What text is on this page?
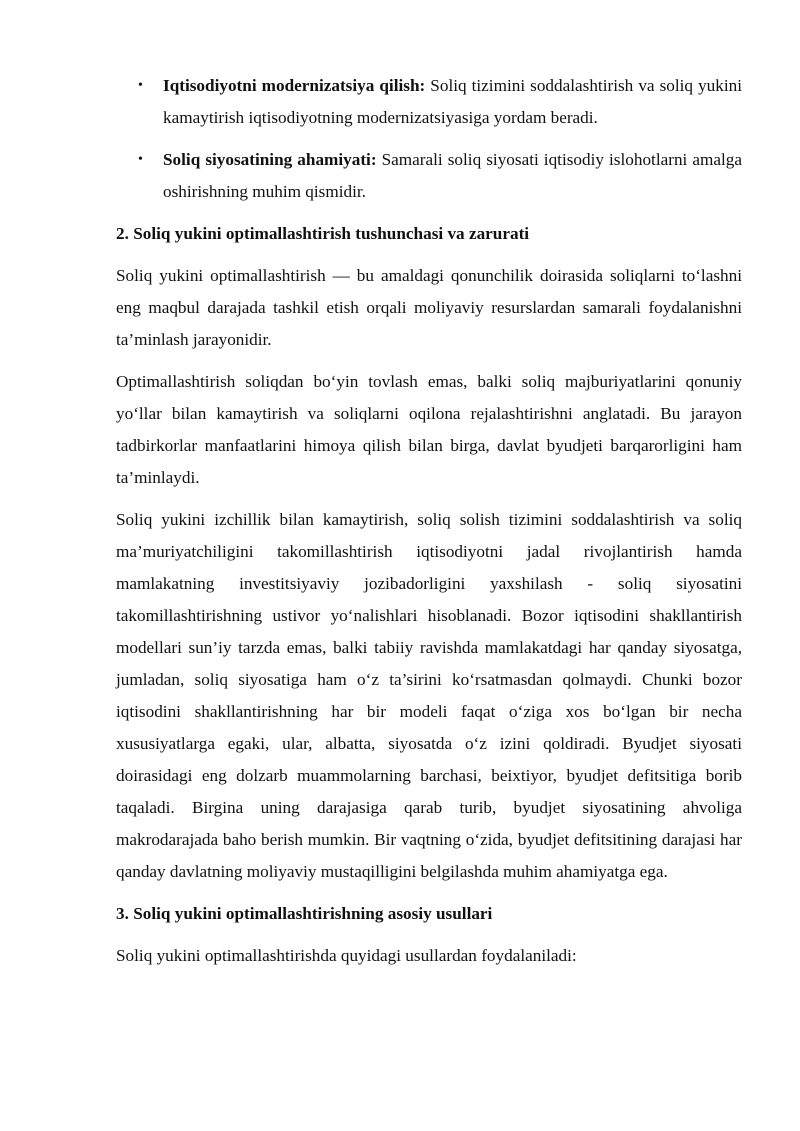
• Iqtisodiyotni modernizatsiya qilish: Soliq tizimini soddalashtirish va soliq yukini kamaytirish iqtisodiyotning modernizatsiyasiga yordam beradi.
• Soliq siyosatining ahamiyati: Samarali soliq siyosati iqtisodiy islohotlarni amalga oshirishning muhim qismidir.
2. Soliq yukini optimallashtirish tushunchasi va zarurati

Soliq yukini optimallashtirish — bu amaldagi qonunchilik doirasida soliqlarni to‘lashni eng maqbul darajada tashkil etish orqali moliyaviy resurslardan samarali foydalanishni ta’minlash jarayonidir.

Optimallashtirish soliqdan bo‘yin tovlash emas, balki soliq majburiyatlarini qonuniy yo‘llar bilan kamaytirish va soliqlarni oqilona rejalashtirishni anglatadi. Bu jarayon tadbirkorlar manfaatlarini himoya qilish bilan birga, davlat byudjeti barqarorligini ham ta’minlaydi.

Soliq yukini izchillik bilan kamaytirish, soliq solish tizimini soddalashtirish va soliq ma’muriyatchiligini takomillashtirish iqtisodiyotni jadal rivojlantirish hamda mamlakatning investitsiyaviy jozibadorligini yaxshilash - soliq siyosatini takomillashtirishning ustivor yo‘nalishlari hisoblanadi. Bozor iqtisodini shakllantirish modellari sun’iy tarzda emas, balki tabiiy ravishda mamlakatdagi har qanday siyosatga, jumladan, soliq siyosatiga ham o‘z ta’sirini ko‘rsatmasdan qolmaydi. Chunki bozor iqtisodini shakllantirishning har bir modeli faqat o‘ziga xos bo‘lgan bir necha xususiyatlarga egaki, ular, albatta, siyosatda o‘z izini qoldiradi. Byudjet siyosati doirasidagi eng dolzarb muammolarning barchasi, beixtiyor, byudjet defitsitiga borib taqaladi. Birgina uning darajasiga qarab turib, byudjet siyosatining ahvoliga makrodarajada baho berish mumkin. Bir vaqtning o‘zida, byudjet defitsitining darajasi har qanday davlatning moliyaviy mustaqilligini belgilashda muhim ahamiyatga ega.

3. Soliq yukini optimallashtirishning asosiy usullari

Soliq yukini optimallashtirishda quyidagi usullardan foydalaniladi:
